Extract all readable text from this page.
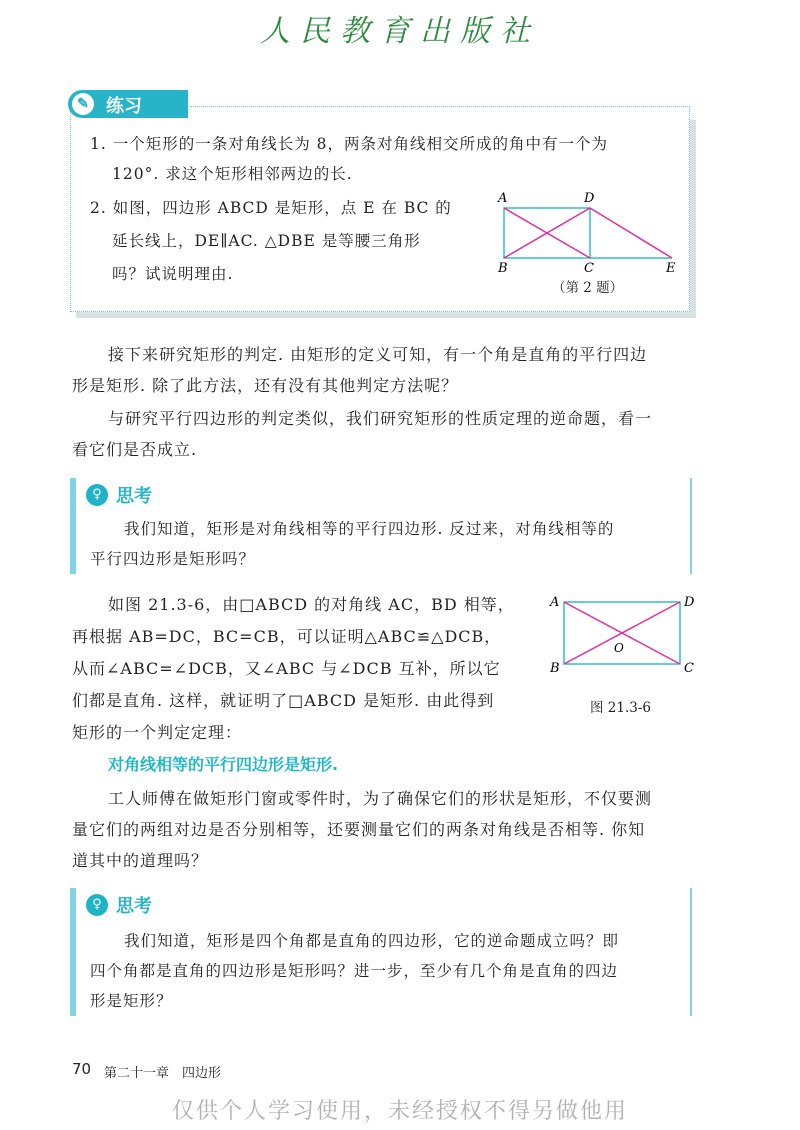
人民教育出版社
✎ 练习
1. 一个矩形的一条对角线长为 8，两条对角线相交所成的角中有一个为
120°. 求这个矩形相邻两边的长.
2. 如图，四边形 ABCD 是矩形，点 E 在 BC 的
延长线上，DE∥AC. △DBE 是等腰三角形
吗？试说明理由.
A	D
B	C	E
（第 2 题）
接下来研究矩形的判定. 由矩形的定义可知，有一个角是直角的平行四边
形是矩形. 除了此方法，还有没有其他判定方法呢？
与研究平行四边形的判定类似，我们研究矩形的性质定理的逆命题，看一
看它们是否成立.
♀ 思考
我们知道，矩形是对角线相等的平行四边形. 反过来，对角线相等的
平行四边形是矩形吗？
如图 21.3-6，由□ABCD 的对角线 AC，BD 相等，
再根据 AB=DC，BC=CB，可以证明△ABC≌△DCB，
从而∠ABC=∠DCB，又∠ABC 与∠DCB 互补，所以它
们都是直角. 这样，就证明了□ABCD 是矩形. 由此得到
矩形的一个判定定理：
A	D
B	C
O
图 21.3-6
对角线相等的平行四边形是矩形.
工人师傅在做矩形门窗或零件时，为了确保它们的形状是矩形，不仅要测
量它们的两组对边是否分别相等，还要测量它们的两条对角线是否相等. 你知
道其中的道理吗？
♀ 思考
我们知道，矩形是四个角都是直角的四边形，它的逆命题成立吗？即
四个角都是直角的四边形是矩形吗？进一步，至少有几个角是直角的四边
形是矩形？
70 第二十一章　四边形
仅供个人学习使用，未经授权不得另做他用
